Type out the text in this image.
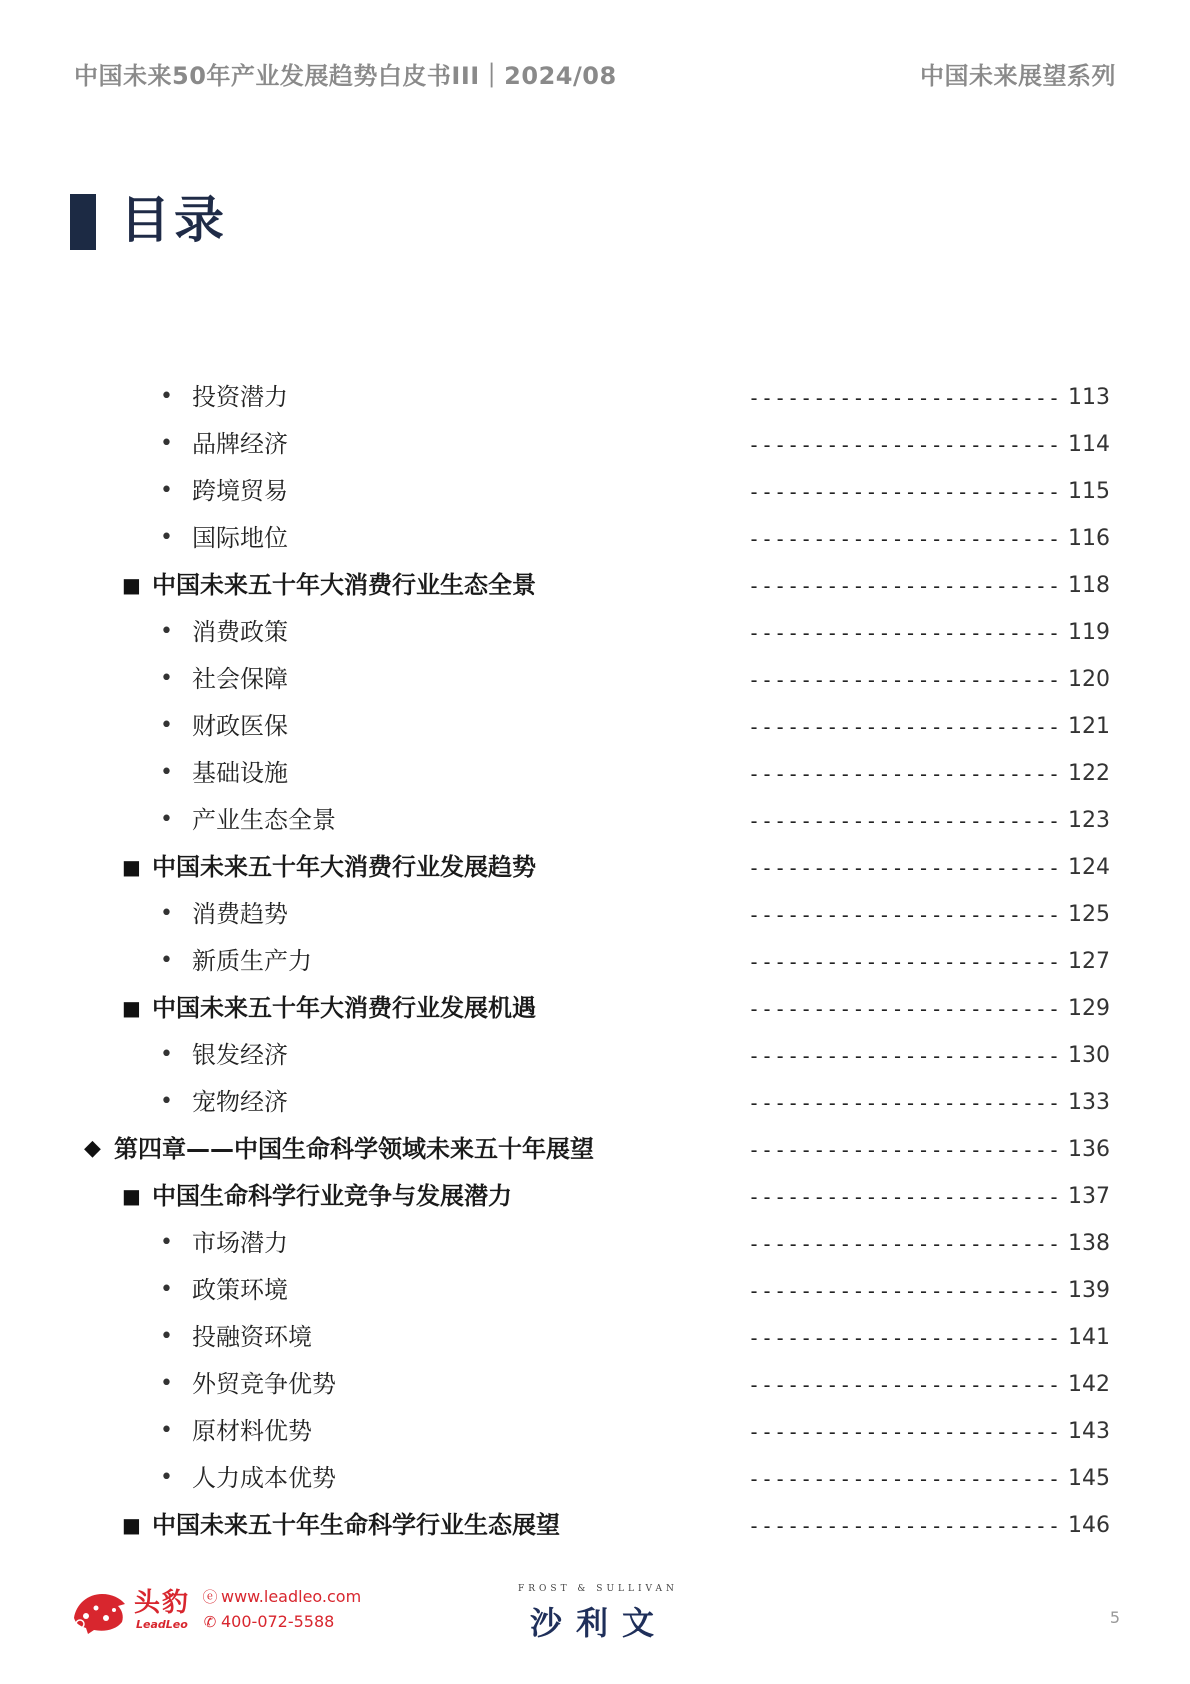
中国未来50年产业发展趋势白皮书III｜2024/08	中国未来展望系列
目录
• 投资潜力	------------------------ 113
• 品牌经济	------------------------ 114
• 跨境贸易	------------------------ 115
• 国际地位	------------------------ 116
■ 中国未来五十年大消费行业生态全景	------------------------ 118
• 消费政策	------------------------ 119
• 社会保障	------------------------ 120
• 财政医保	------------------------ 121
• 基础设施	------------------------ 122
• 产业生态全景	------------------------ 123
■ 中国未来五十年大消费行业发展趋势	------------------------ 124
• 消费趋势	------------------------ 125
• 新质生产力	------------------------ 127
■ 中国未来五十年大消费行业发展机遇	------------------------ 129
• 银发经济	------------------------ 130
• 宠物经济	------------------------ 133
◆ 第四章——中国生命科学领域未来五十年展望	------------------------ 136
■ 中国生命科学行业竞争与发展潜力	------------------------ 137
• 市场潜力	------------------------ 138
• 政策环境	------------------------ 139
• 投融资环境	------------------------ 141
• 外贸竞争优势	------------------------ 142
• 原材料优势	------------------------ 143
• 人力成本优势	------------------------ 145
■ 中国未来五十年生命科学行业生态展望	------------------------ 146
头豹
LeadLeo
ⓔ www.leadleo.com
✆ 400-072-5588
FROST & SULLIVAN
沙利文	5
